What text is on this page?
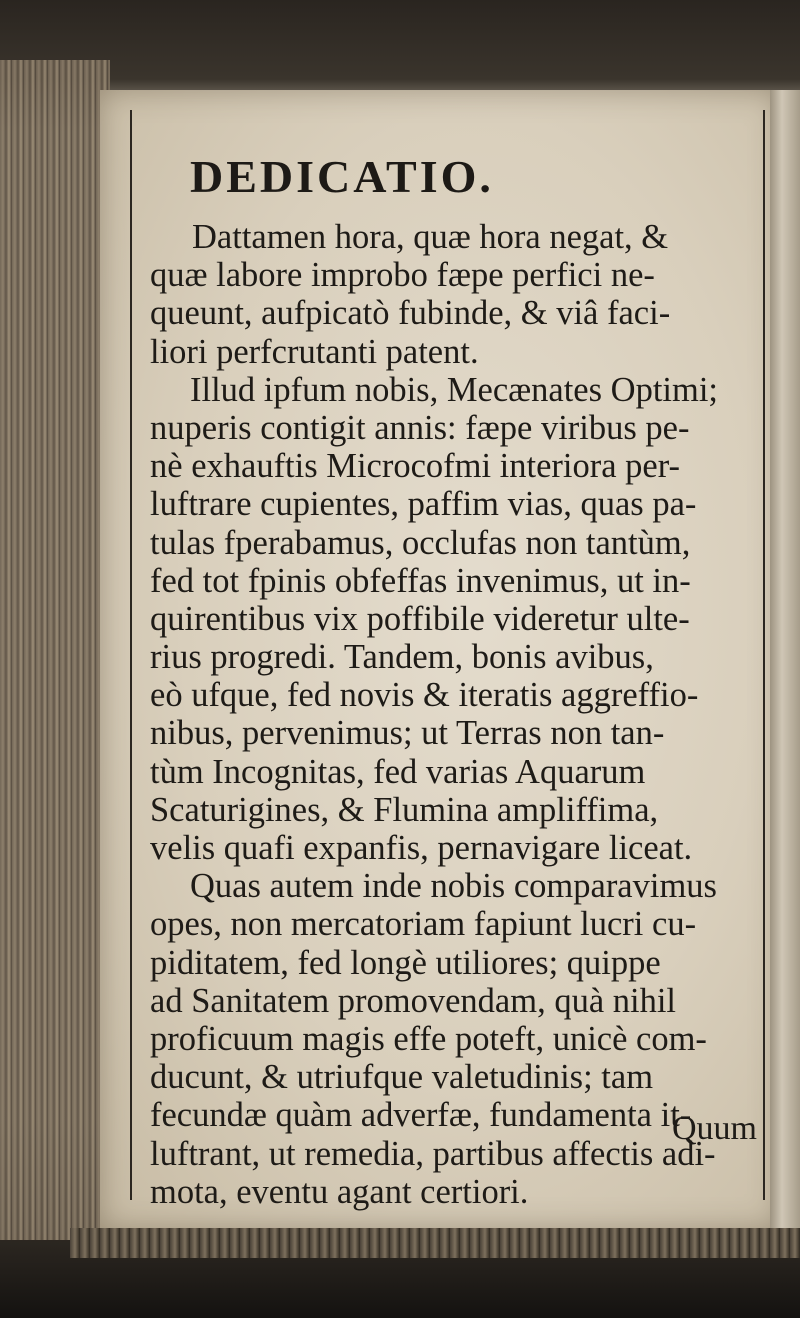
DEDICATIO.
Dattamen hora, quæ hora negat, &
quæ labore improbo fæpe perfici ne-
queunt, aufpicatò fubinde, & viâ faci-
liori perfcrutanti patent.
Illud ipfum nobis, Mecænates Optimi;
nuperis contigit annis: fæpe viribus pe-
nè exhauftis Microcofmi interiora per-
luftrare cupientes, paffim vias, quas pa-
tulas fperabamus, occlufas non tantùm,
fed tot fpinis obfeffas invenimus, ut in-
quirentibus vix poffibile videretur ulte-
rius progredi. Tandem, bonis avibus,
eò ufque, fed novis & iteratis aggreffio-
nibus, pervenimus; ut Terras non tan-
tùm Incognitas, fed varias Aquarum
Scaturigines, & Flumina ampliffima,
velis quafi expanfis, pernavigare liceat.
Quas autem inde nobis comparavimus
opes, non mercatoriam fapiunt lucri cu-
piditatem, fed longè utiliores; quippe
ad Sanitatem promovendam, quà nihil
proficuum magis effe poteft, unicè com-
ducunt, & utriufque valetudinis; tam
fecundæ quàm adverfæ, fundamenta it-
luftrant, ut remedia, partibus affectis adi-
mota, eventu agant certiori.
Quum
